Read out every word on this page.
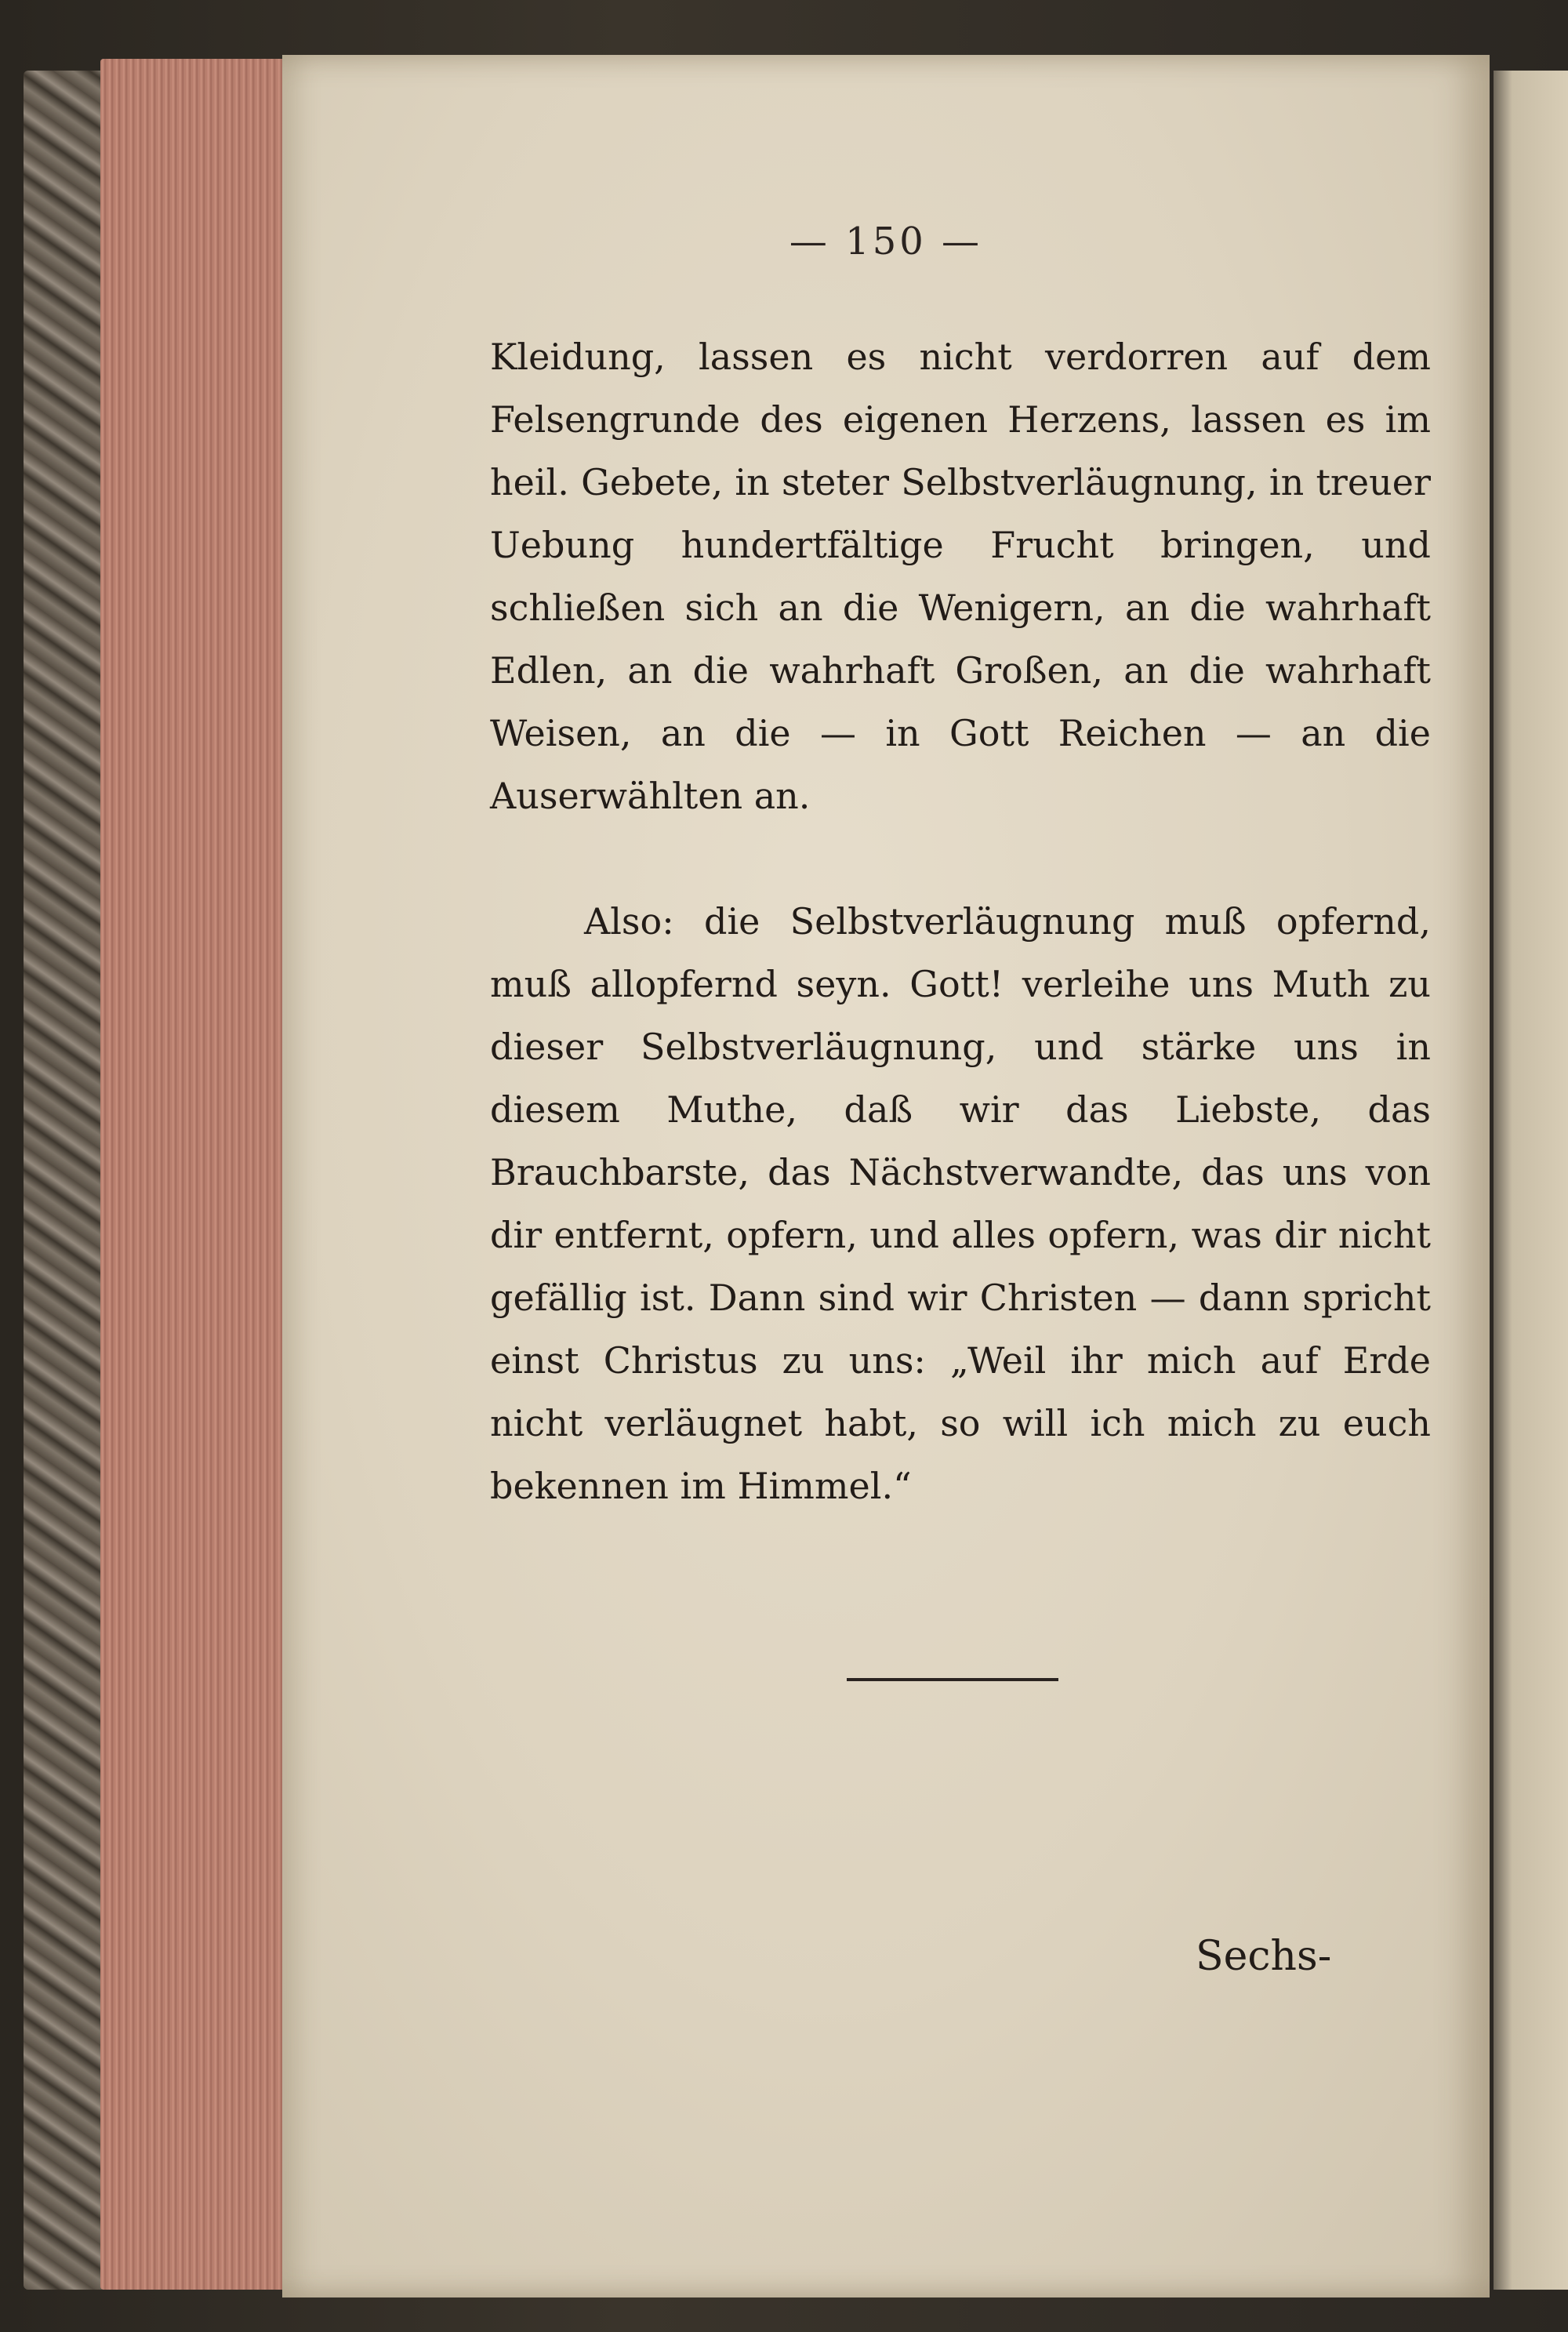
— 150 —

Kleidung, lassen es nicht verdorren auf dem Felsengrunde des eigenen Herzens, lassen es im heil. Gebete, in steter Selbstverläugnung, in treuer Uebung hundertfältige Frucht bringen, und schließen sich an die Wenigern, an die wahrhaft Edlen, an die wahrhaft Großen, an die wahrhaft Weisen, an die — in Gott Reichen — an die Auserwählten an.

Also: die Selbstverläugnung muß opfernd, muß allopfernd seyn. Gott! verleihe uns Muth zu dieser Selbstverläugnung, und stärke uns in diesem Muthe, daß wir das Liebste, das Brauchbarste, das Nächstverwandte, das uns von dir entfernt, opfern, und alles opfern, was dir nicht gefällig ist. Dann sind wir Christen — dann spricht einst Christus zu uns: „Weil ihr mich auf Erde nicht verläugnet habt, so will ich mich zu euch bekennen im Himmel.“

Sechs-
